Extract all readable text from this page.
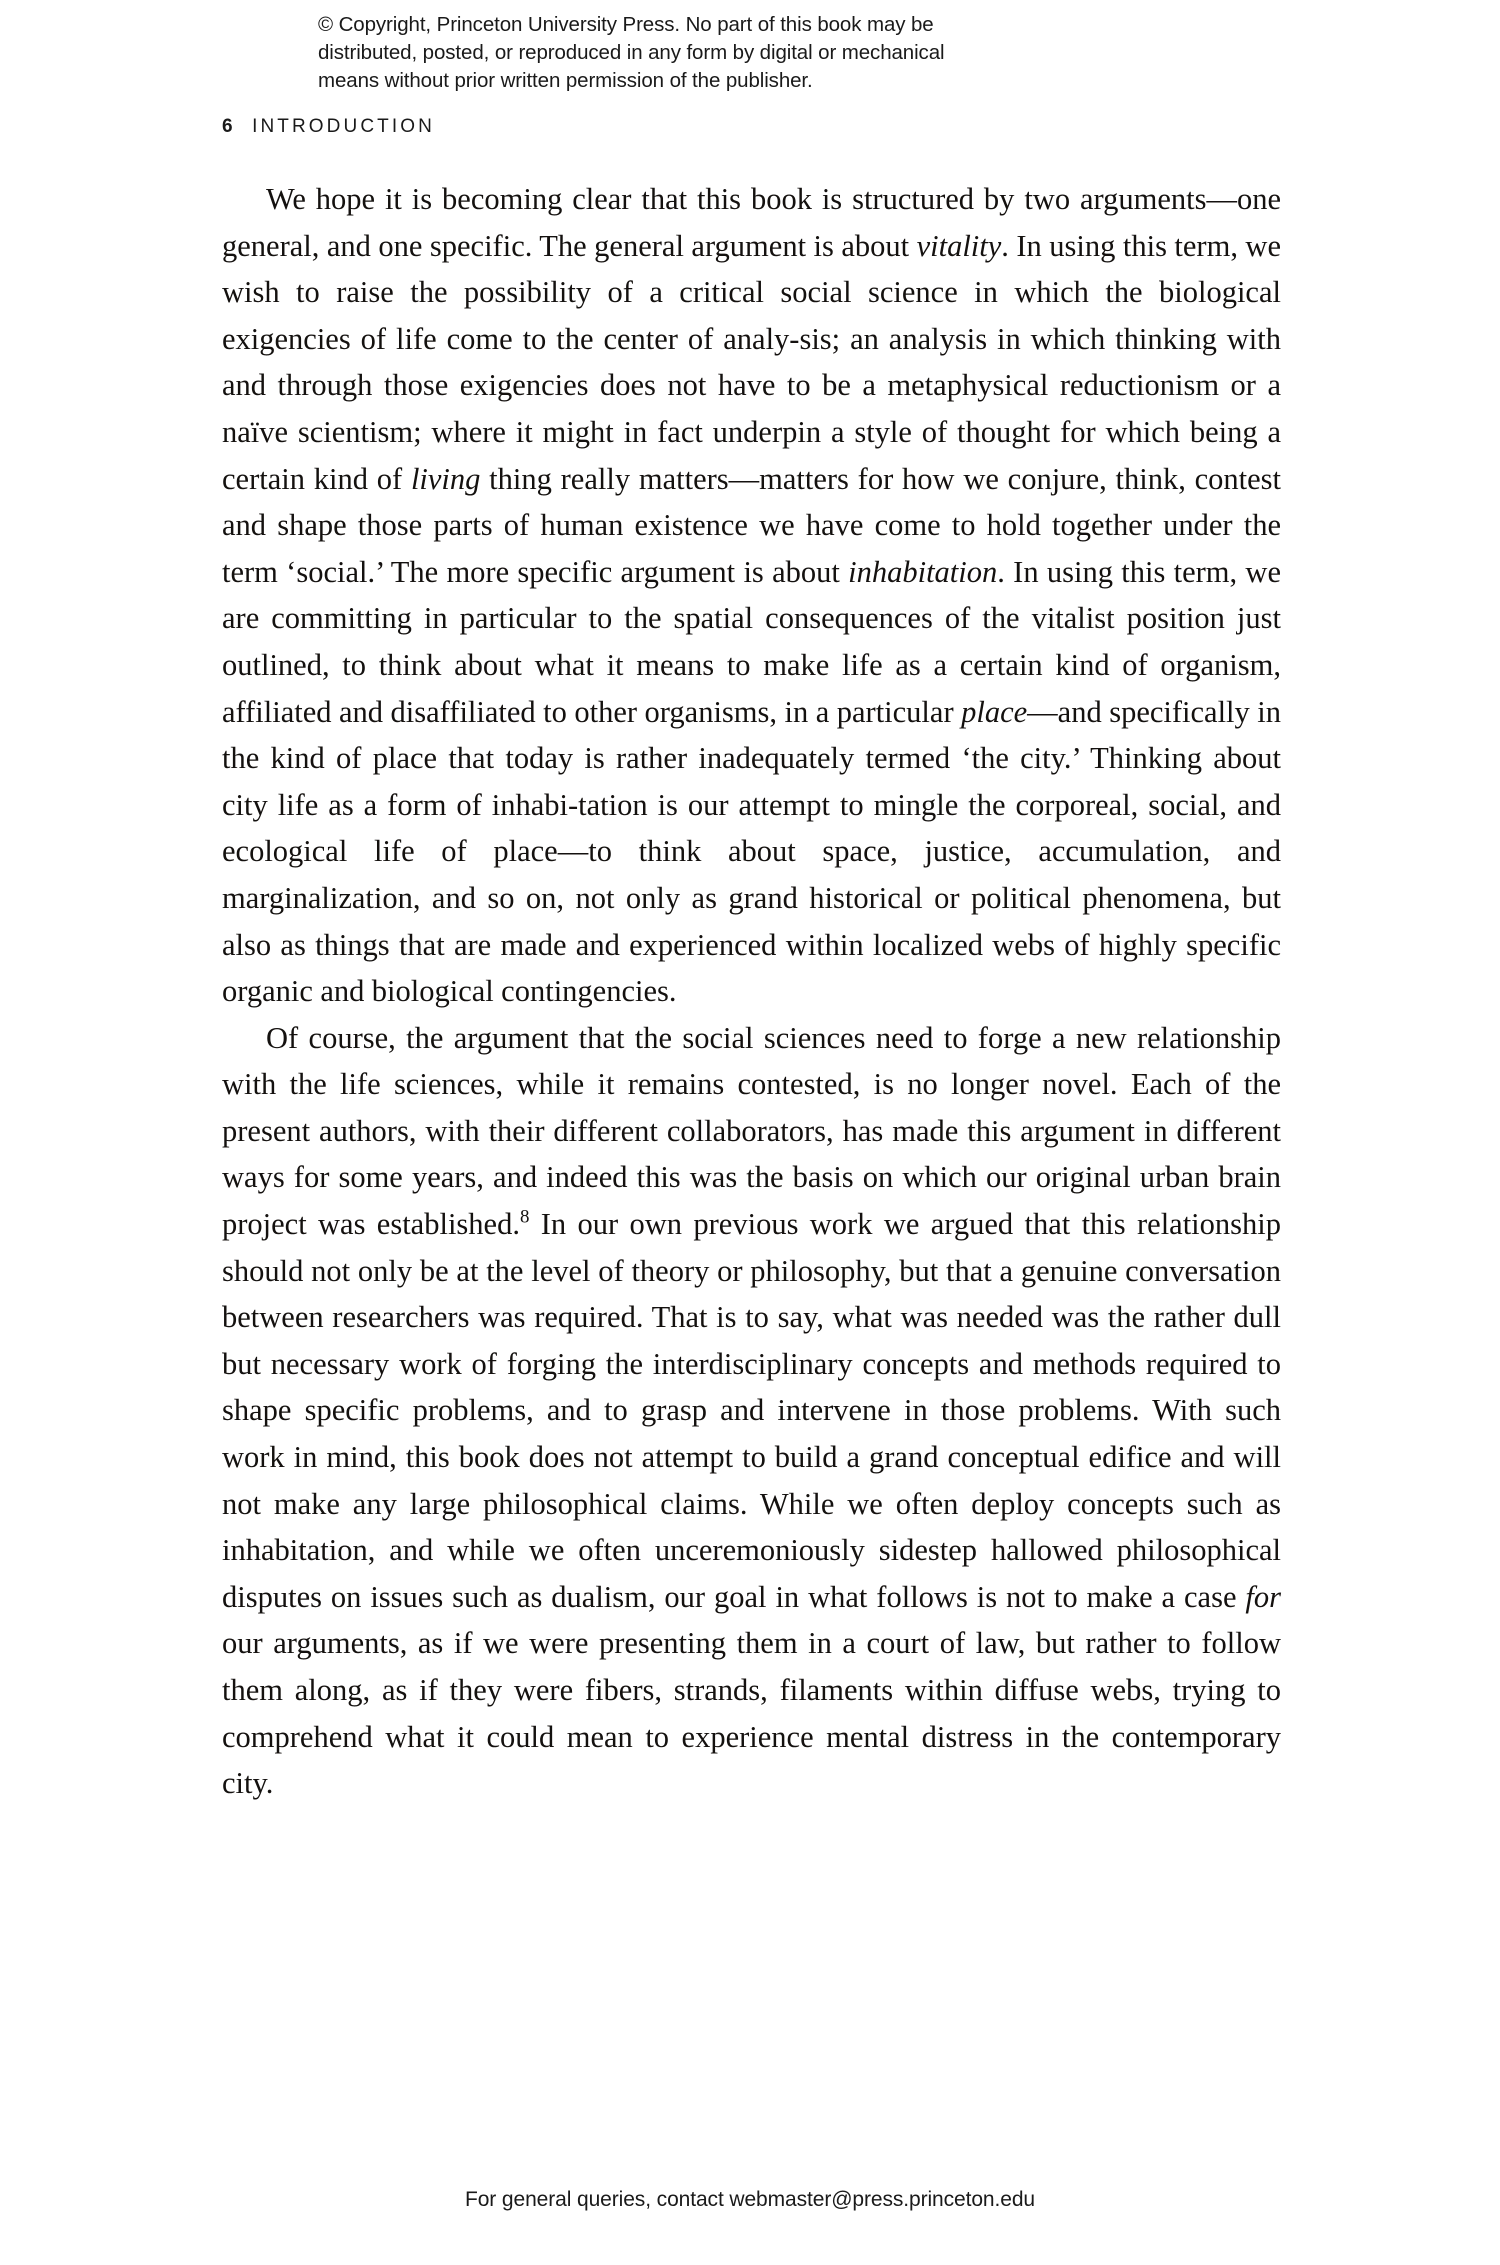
© Copyright, Princeton University Press. No part of this book may be
distributed, posted, or reproduced in any form by digital or mechanical
means without prior written permission of the publisher.
6 INTRODUCTION

We hope it is becoming clear that this book is structured by two arguments—one general, and one specific. The general argument is about vitality. In using this term, we wish to raise the possibility of a critical social science in which the biological exigencies of life come to the center of analy-sis; an analysis in which thinking with and through those exigencies does not have to be a metaphysical reductionism or a naïve scientism; where it might in fact underpin a style of thought for which being a certain kind of living thing really matters—matters for how we conjure, think, contest and shape those parts of human existence we have come to hold together under the term ‘social.’ The more specific argument is about inhabitation. In using this term, we are committing in particular to the spatial consequences of the vitalist position just outlined, to think about what it means to make life as a certain kind of organism, affiliated and disaffiliated to other organisms, in a particular place—and specifically in the kind of place that today is rather inadequately termed ‘the city.’ Thinking about city life as a form of inhabi-tation is our attempt to mingle the corporeal, social, and ecological life of place—to think about space, justice, accumulation, and marginalization, and so on, not only as grand historical or political phenomena, but also as things that are made and experienced within localized webs of highly specific organic and biological contingencies.

Of course, the argument that the social sciences need to forge a new relationship with the life sciences, while it remains contested, is no longer novel. Each of the present authors, with their different collaborators, has made this argument in different ways for some years, and indeed this was the basis on which our original urban brain project was established.$^8$ In our own previous work we argued that this relationship should not only be at the level of theory or philosophy, but that a genuine conversation between researchers was required. That is to say, what was needed was the rather dull but necessary work of forging the interdisciplinary concepts and methods required to shape specific problems, and to grasp and intervene in those problems. With such work in mind, this book does not attempt to build a grand conceptual edifice and will not make any large philosophical claims. While we often deploy concepts such as inhabitation, and while we often unceremoniously sidestep hallowed philosophical disputes on issues such as dualism, our goal in what follows is not to make a case for our arguments, as if we were presenting them in a court of law, but rather to follow them along, as if they were fibers, strands, filaments within diffuse webs, trying to comprehend what it could mean to experience mental distress in the contemporary city.

For general queries, contact webmaster@press.princeton.edu
